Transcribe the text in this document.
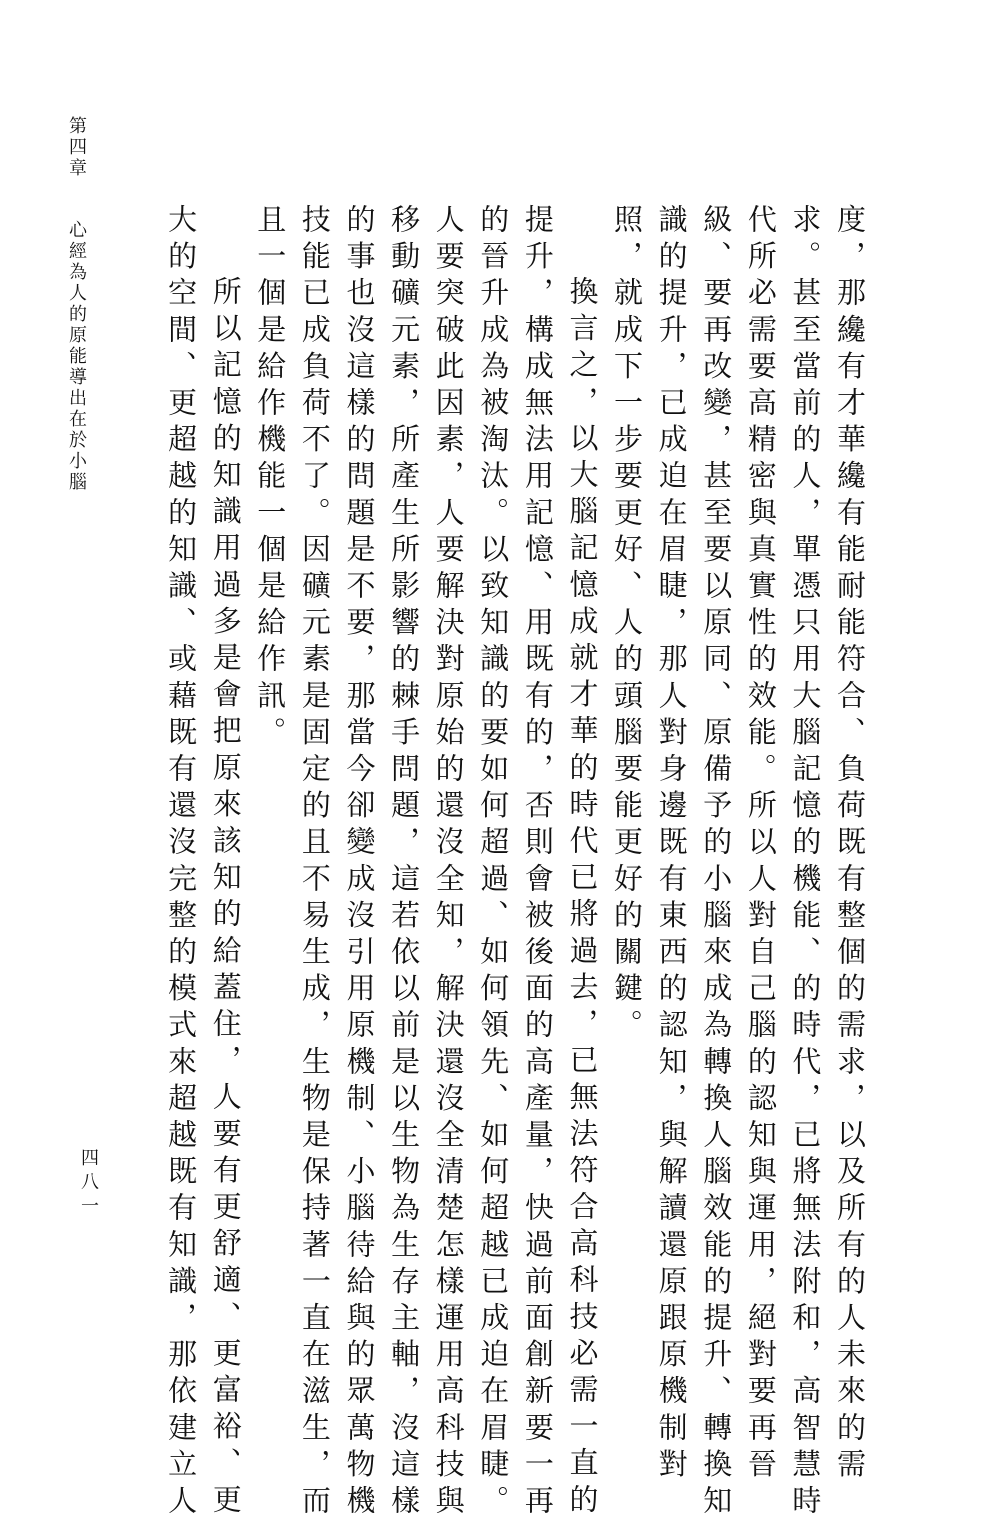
第四章
心經為人的原能導出在於小腦
四八一	度，那纔有才華纔有能耐能符合、負荷既有整個的需求，以及所有的人未來的需

求。甚至當前的人，單憑只用大腦記憶的機能、的時代，已將無法附和，高智慧時

代所必需要高精密與真實性的效能。所以人對自己腦的認知與運用，絕對要再晉

級、要再改變，甚至要以原同、原備予的小腦來成為轉換人腦效能的提升、轉換知

識的提升，已成迫在眉睫，那人對身邊既有東西的認知，與解讀還原跟原機制對

照，就成下一步要更好、人的頭腦要能更好的關鍵。

換言之，以大腦記憶成就才華的時代已將過去，已無法符合高科技必需一直的

提升，構成無法用記憶、用既有的，否則會被後面的高產量，快過前面創新要一再

的晉升成為被淘汰。以致知識的要如何超過、如何領先、如何超越已成迫在眉睫。

人要突破此因素，人要解決對原始的還沒全知，解決還沒全清楚怎樣運用高科技與

移動礦元素，所產生所影響的棘手問題，這若依以前是以生物為生存主軸，沒這樣

的事也沒這樣的問題是不要，那當今卻變成沒引用原機制、小腦待給與的眾萬物機

技能已成負荷不了。因礦元素是固定的且不易生成，生物是保持著一直在滋生，而

且一個是給作機能一個是給作訊。

所以記憶的知識用過多是會把原來該知的給蓋住，人要有更舒適、更富裕、更

大的空間、更超越的知識、或藉既有還沒完整的模式來超越既有知識，那依建立人
